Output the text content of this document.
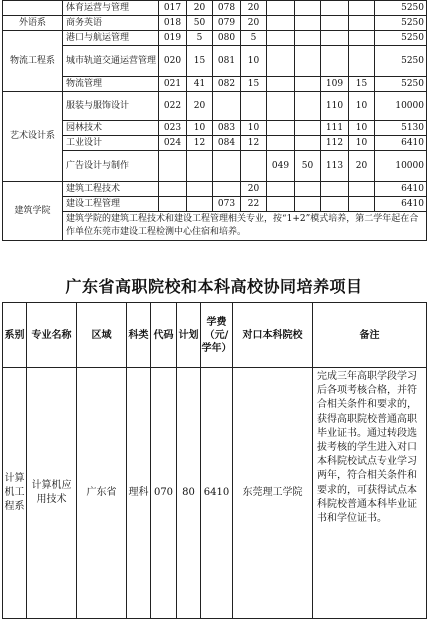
	体育运营与管理	017	20	078	20					5250
外语系	商务英语	018	50	079	20					5250
物流工程系	港口与航运管理	019	5	080	5					5250
	城市轨道交通运营管理	020	15	081	10					5250
	物流管理	021	41	082	15			109	15	5250
艺术设计系	服装与服饰设计	022	20					110	10	10000
	园林技术	023	10	083	10			111	10	5130
	工业设计	024	12	084	12			112	10	6410
	广告设计与制作					049	50	113	20	10000
建筑学院	建筑工程技术				20					6410
	建设工程管理			073	22					6410
	建筑学院的建筑工程技术和建设工程管理相关专业，按“1+2”模式培养，第二学年起在合作单位东莞市建设工程检测中心住宿和培养。									
广东省高职院校和本科高校协同培养项目
系别	专业名称	区域	科类	代码	计划	学费（元/学年）	对口本科院校	备注
计算机工程系	计算机应用技术	广东省	理科	070	80	6410	东莞理工学院	完成三年高职学段学习后各项考核合格，并符合相关条件和要求的，获得高职院校普通高职毕业证书。通过转段选拔考核的学生进入对口本科院校试点专业学习两年，符合相关条件和要求的，可获得试点本科院校普通本科毕业证书和学位证书。
